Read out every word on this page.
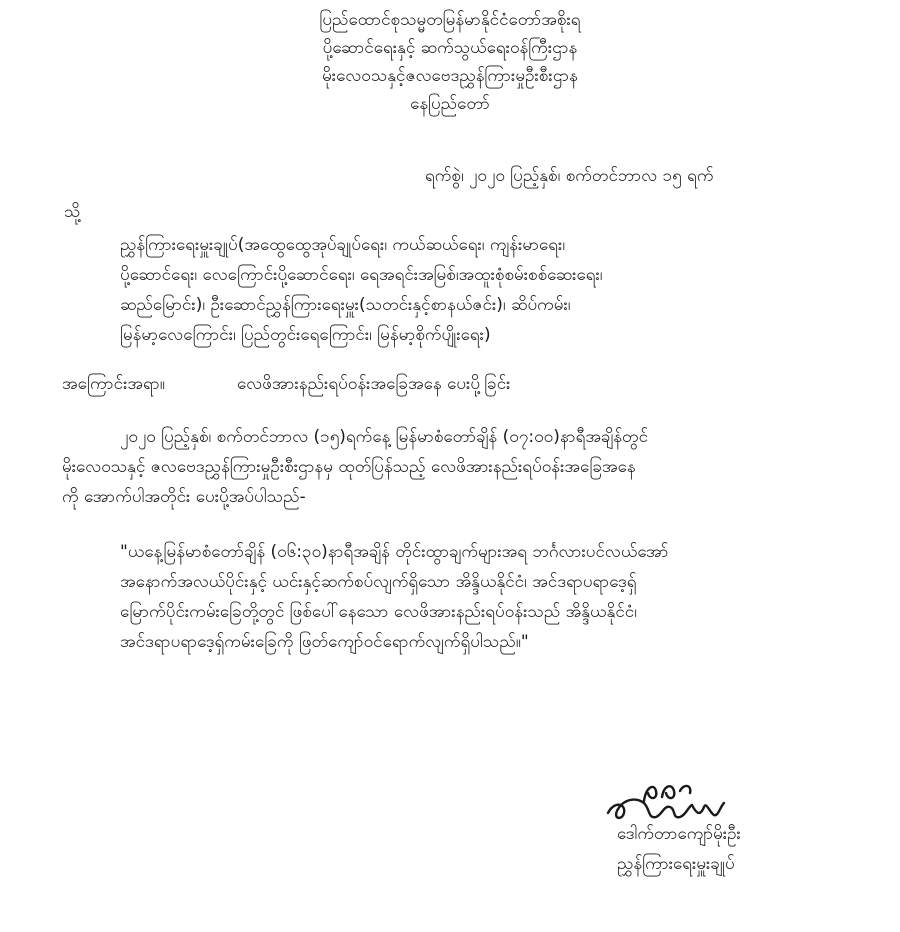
ပြည်ထောင်စုသမ္မတမြန်မာနိုင်ငံတော်အစိုးရ
ပို့ဆောင်ရေးနှင့် ဆက်သွယ်ရေးဝန်ကြီးဌာန
မိုးလေဝသနှင့်ဇလဗေဒညွှန်ကြားမှုဦးစီးဌာန
နေပြည်တော်
ရက်စွဲ၊ ၂၀၂၀ ပြည့်နှစ်၊ စက်တင်ဘာလ ၁၅ ရက်
သို့
ညွှန်ကြားရေးမှူးချုပ်(အထွေထွေအုပ်ချုပ်ရေး၊ ကယ်ဆယ်ရေး၊ ကျန်းမာရေး၊
ပို့ဆောင်ရေး၊ လေကြောင်းပို့ဆောင်ရေး၊ ရေအရင်းအမြစ်၊အထူးစုံစမ်းစစ်ဆေးရေး၊
ဆည်မြောင်း)၊ ဦးဆောင်ညွှန်ကြားရေးမှူး(သတင်းနှင့်စာနယ်ဇင်း)၊ ဆိပ်ကမ်း၊
မြန်မာ့လေကြောင်း၊ ပြည်တွင်းရေကြောင်း၊ မြန်မာ့စိုက်ပျိုးရေး)
အကြောင်းအရာ။	လေဖိအားနည်းရပ်ဝန်းအခြေအနေ ပေးပို့ခြင်း
၂၀၂၀ ပြည့်နှစ်၊ စက်တင်ဘာလ (၁၅)ရက်နေ့ မြန်မာစံတော်ချိန် (၀၇:၀၀)နာရီအချိန်တွင်
မိုးလေဝသနှင့် ဇလဗေဒညွှန်ကြားမှုဦးစီးဌာနမှ ထုတ်ပြန်သည့် လေဖိအားနည်းရပ်ဝန်းအခြေအနေ
ကို အောက်ပါအတိုင်း ပေးပို့အပ်ပါသည်-
"ယနေ့မြန်မာစံတော်ချိန် (၀၆:၃၀)နာရီအချိန် တိုင်းထွာချက်များအရ ဘင်္ဂလားပင်လယ်အော်
အနောက်အလယ်ပိုင်းနှင့် ယင်းနှင့်ဆက်စပ်လျက်ရှိသော အိန္ဒိယနိုင်ငံ၊ အင်ဒရာပရာဒေ့ရှ်
မြောက်ပိုင်းကမ်းခြေတို့တွင် ဖြစ်ပေါ်နေသော လေဖိအားနည်းရပ်ဝန်းသည် အိန္ဒိယနိုင်ငံ၊
အင်ဒရာပရာဒေ့ရှ်ကမ်းခြေကို ဖြတ်ကျော်ဝင်ရောက်လျက်ရှိပါသည်။"
ဒေါက်တာကျော်မိုးဦး
ညွှန်ကြားရေးမှူးချုပ်
